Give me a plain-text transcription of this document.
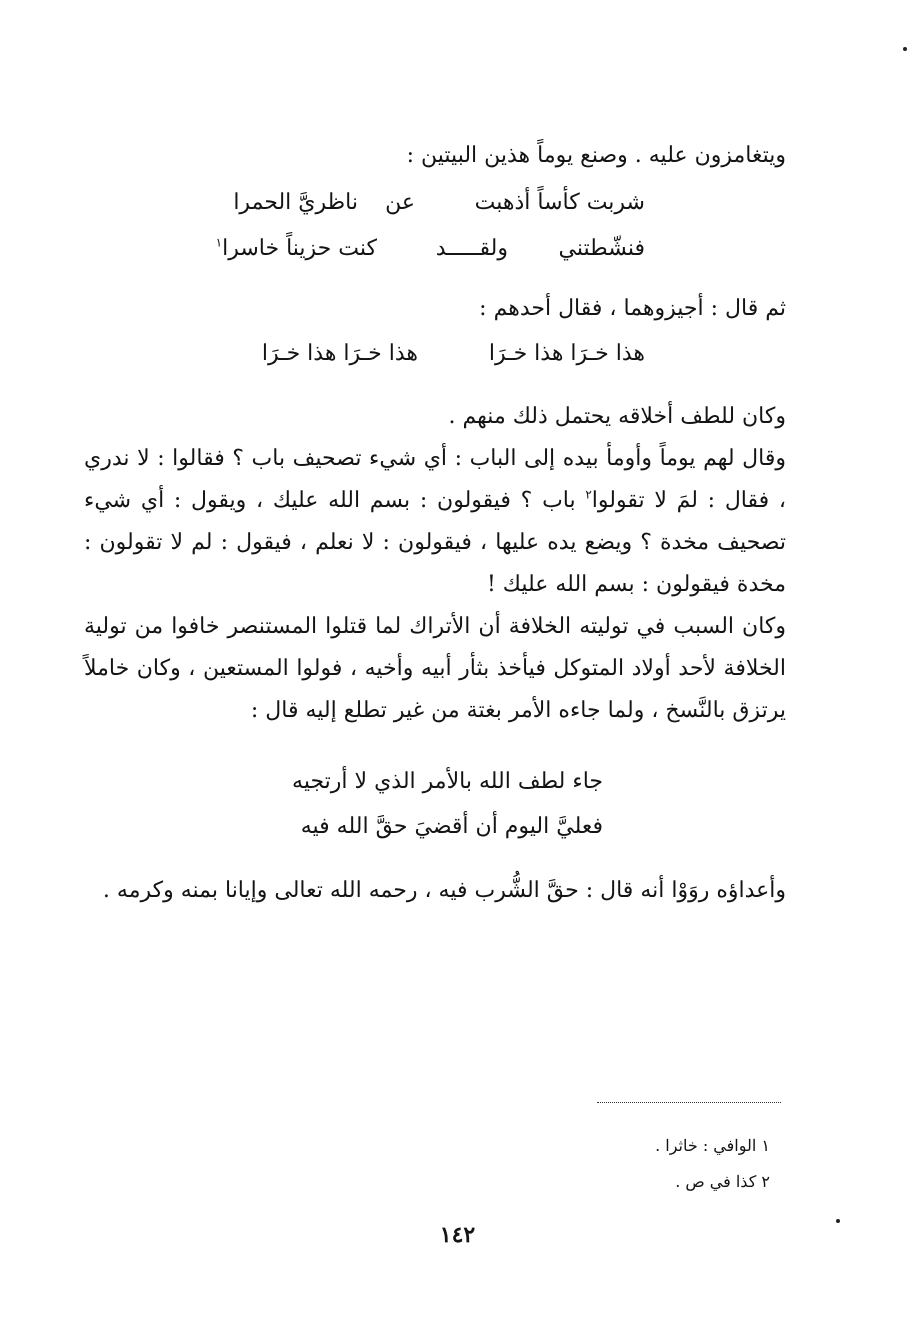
ويتغامزون عليه . وصنع يوماً هذين البيتين :

شربت كأساً أذهبت
عن
ناظريَّ الحمرا
فنشّطتني
ولقـــــد
كنت حزيناً خاسرا$^١$

ثم قال : أجيزوهما ، فقال أحدهم :

هذا خـرَا هذا خـرَا
هذا خـرَا هذا خـرَا
وكان للطف أخلاقه يحتمل ذلك منهم .
وقال لهم يوماً وأومأ بيده إلى الباب : أي شيء تصحيف باب ؟ فقالوا : لا ندري ، فقال : لمَ لا تقولوا$^٢$ باب ؟ فيقولون : بسم الله عليك ، ويقول : أي شيء تصحيف مخدة ؟ ويضع يده عليها ، فيقولون : لا نعلم ، فيقول : لم لا تقولون : مخدة فيقولون : بسم الله عليك !
وكان السبب في توليته الخلافة أن الأتراك لما قتلوا المستنصر خافوا من تولية الخلافة لأحد أولاد المتوكل فيأخذ بثأر أبيه وأخيه ، فولوا المستعين ، وكان خاملاً يرتزق بالنَّسخ ، ولما جاءه الأمر بغتة من غير تطلع إليه قال :
جاء لطف الله بالأمر الذي لا أرتجيه
فعليَّ اليوم أن أقضيَ حقَّ الله فيه

وأعداؤه روَوْا أنه قال : حقَّ الشُّرب فيه ، رحمه الله تعالى وإيانا بمنه وكرمه .

١ الوافي : خاثرا .
٢ كذا في ص .
١٤٢
